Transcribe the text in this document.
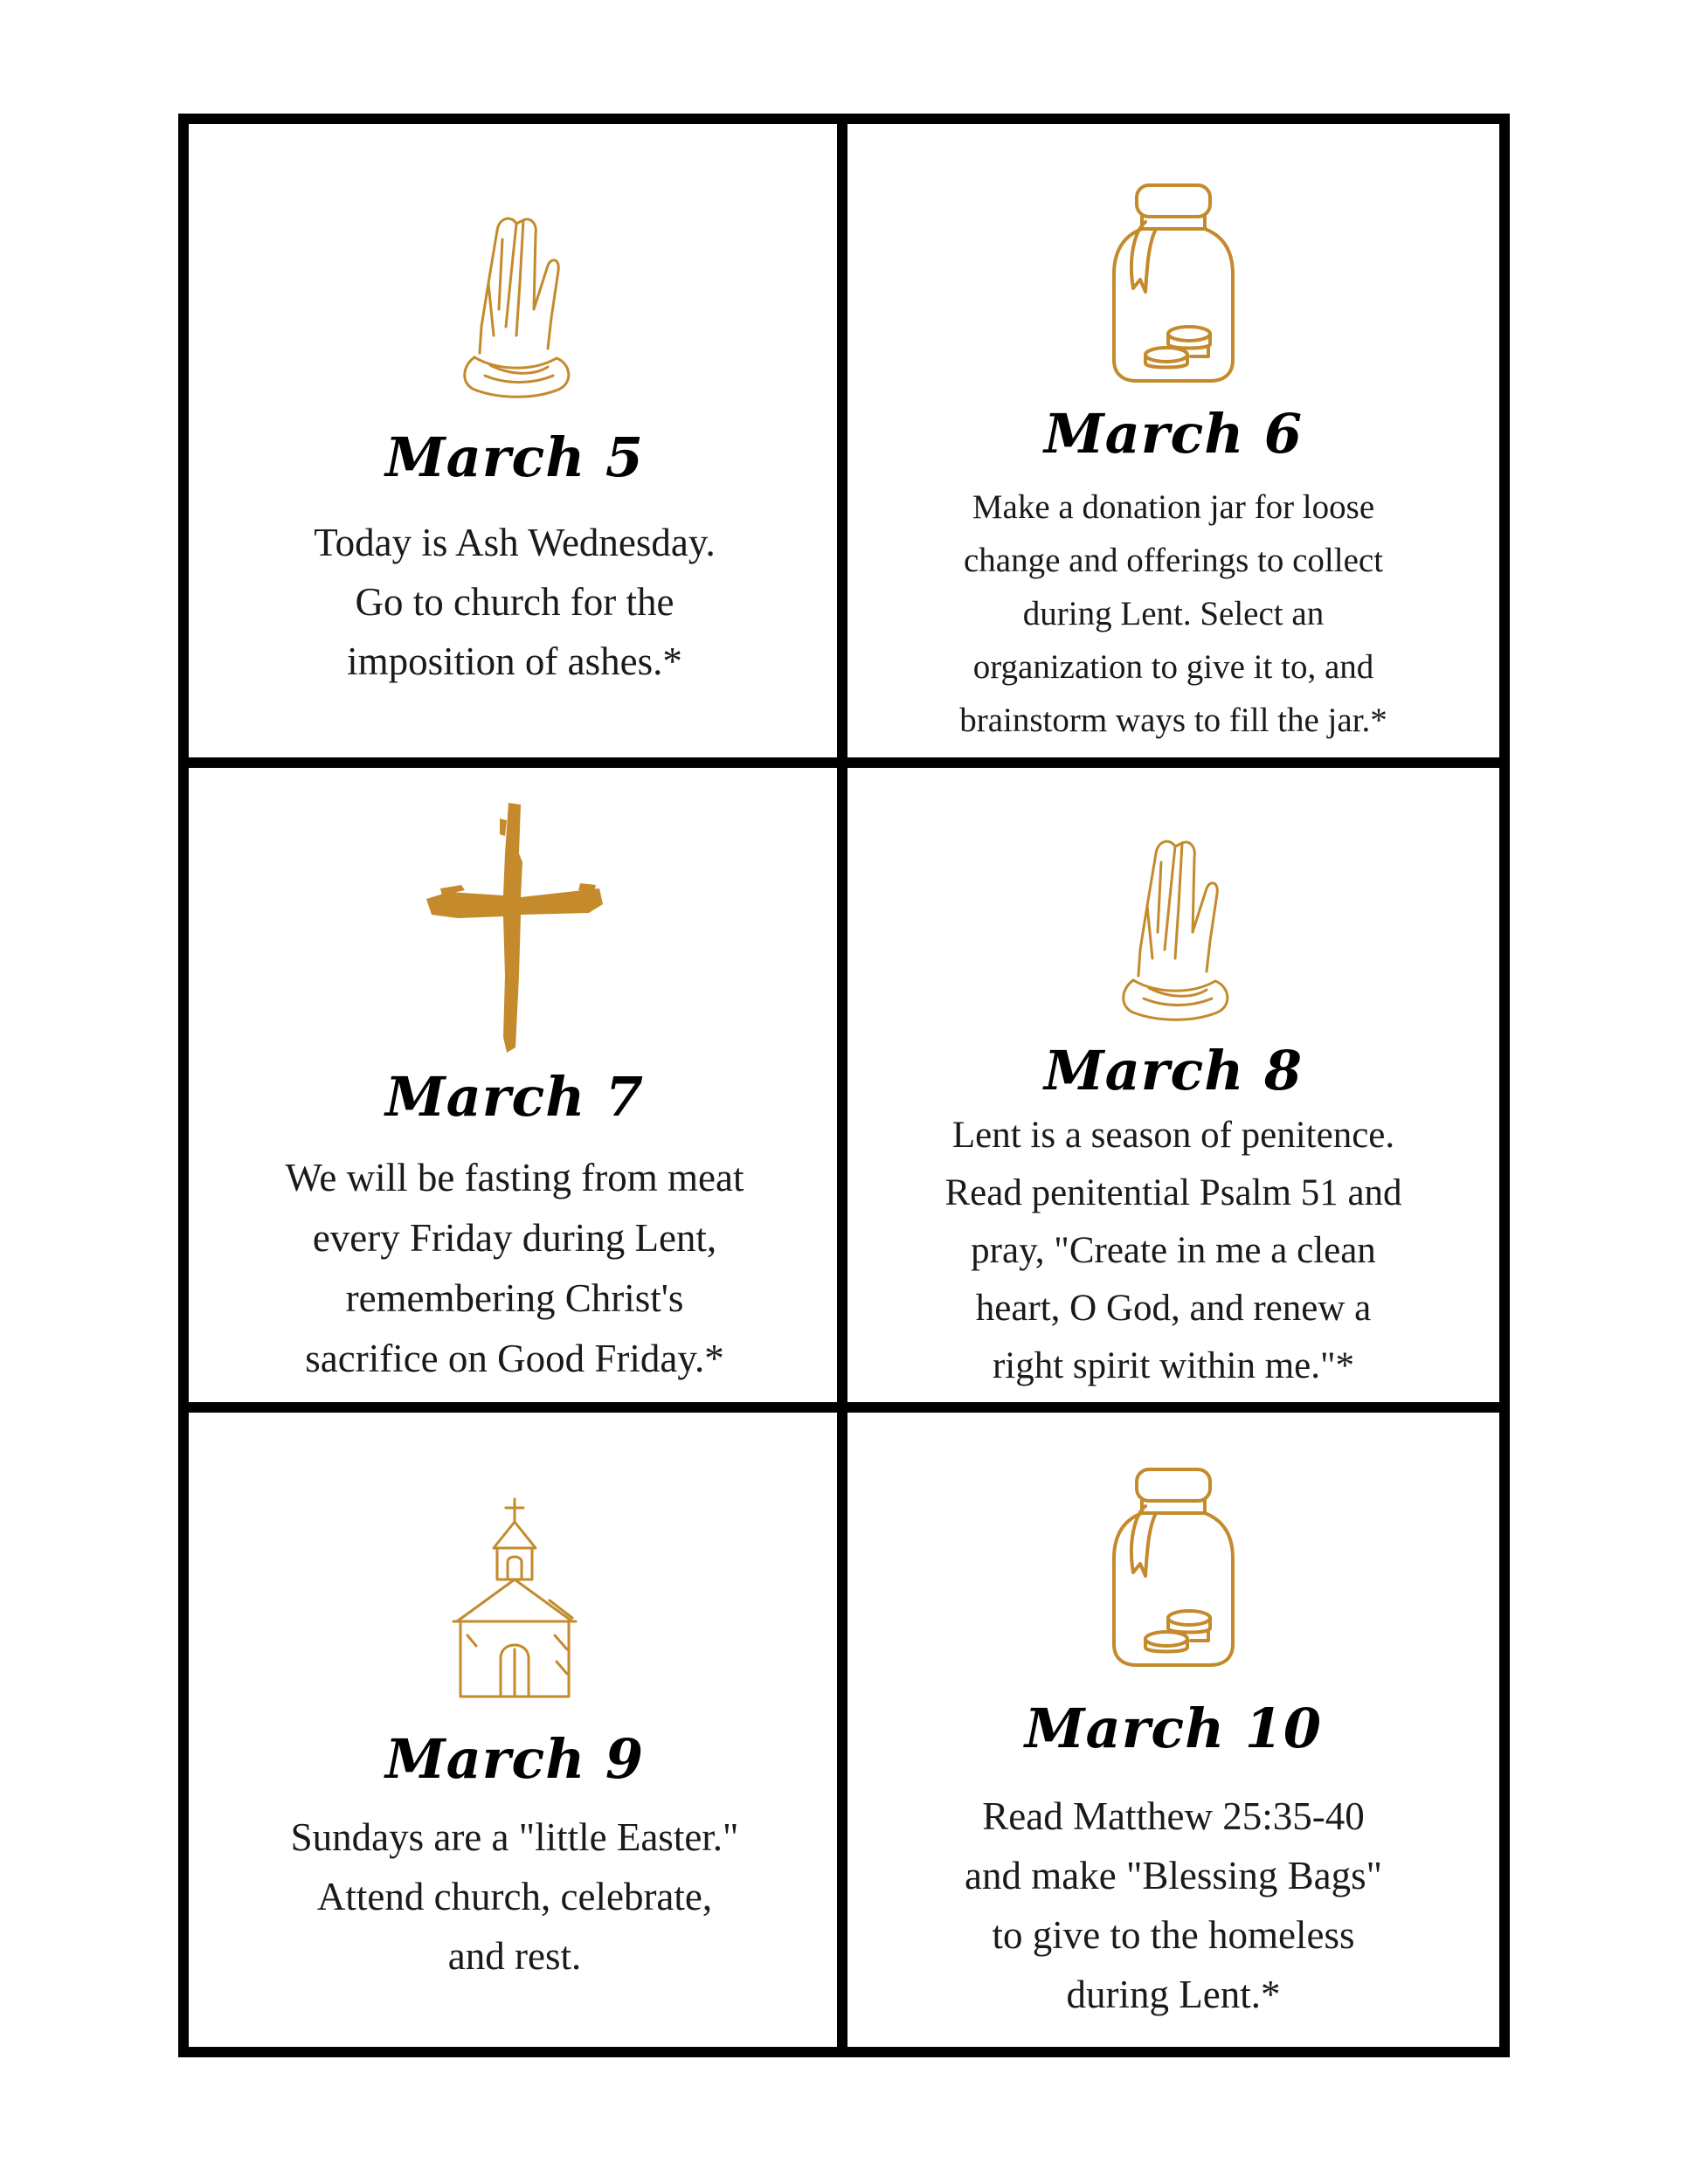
March 5
Today is Ash Wednesday.
Go to church for the
imposition of ashes.*
March 6
Make a donation jar for loose
change and offerings to collect
during Lent. Select an
organization to give it to, and
brainstorm ways to fill the jar.*
March 7
We will be fasting from meat
every Friday during Lent,
remembering Christ's
sacrifice on Good Friday.*
March 8
Lent is a season of penitence.
Read penitential Psalm 51 and
pray, "Create in me a clean
heart, O God, and renew a
right spirit within me."*
March 9
Sundays are a "little Easter."
Attend church, celebrate,
and rest.
March 10
Read Matthew 25:35-40
and make "Blessing Bags"
to give to the homeless
during Lent.*
